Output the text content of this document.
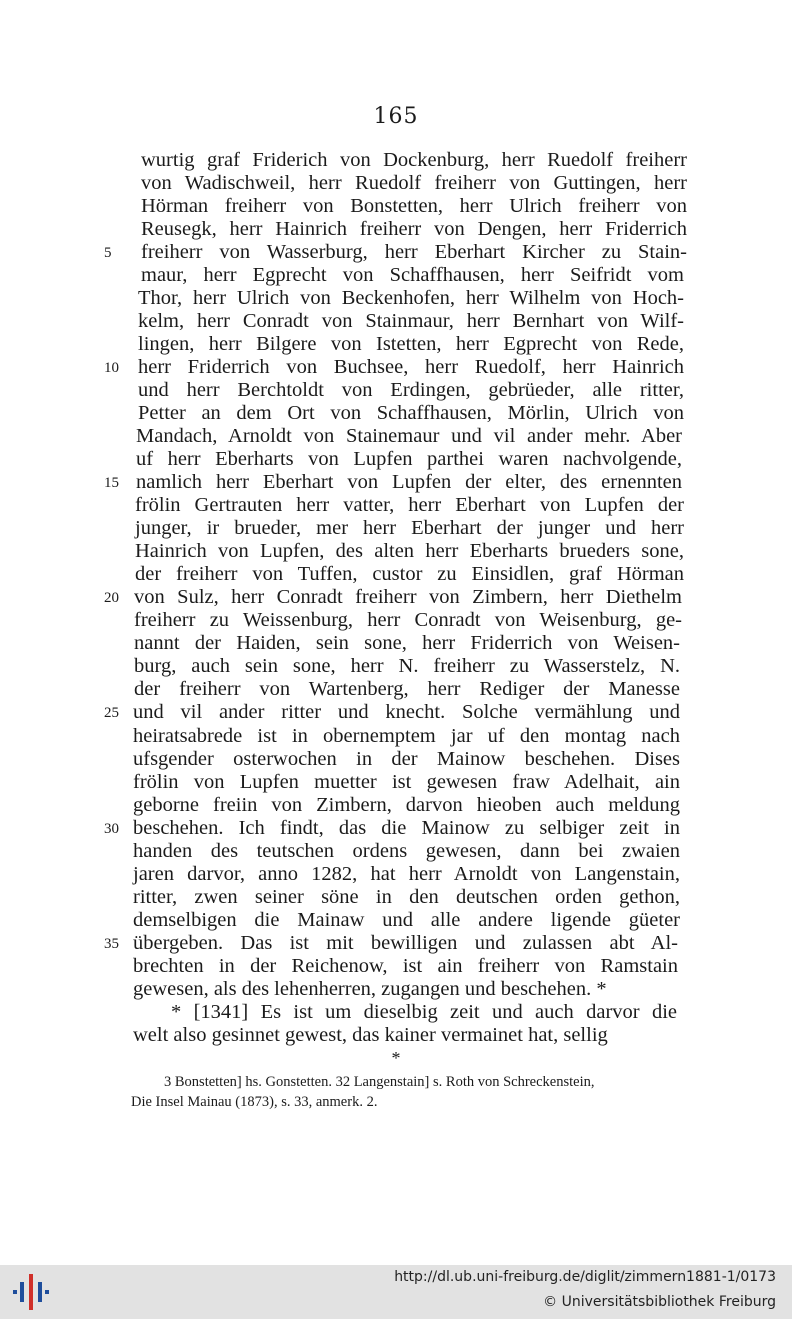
165
wurtig graf Friderich von Dockenburg, herr Ruedolf freiherr
von Wadischweil, herr Ruedolf freiherr von Guttingen, herr
Hörman freiherr von Bonstetten, herr Ulrich freiherr von
Reusegk, herr Hainrich freiherr von Dengen, herr Friderrich
freiherr von Wasserburg, herr Eberhart Kircher zu Stain-
maur, herr Egprecht von Schaffhausen, herr Seifridt vom
Thor, herr Ulrich von Beckenhofen, herr Wilhelm von Hoch-
kelm, herr Conradt von Stainmaur, herr Bernhart von Wilf-
lingen, herr Bilgere von Istetten, herr Egprecht von Rede,
herr Friderrich von Buchsee, herr Ruedolf, herr Hainrich
und herr Berchtoldt von Erdingen, gebrüeder, alle ritter,
Petter an dem Ort von Schaffhausen, Mörlin, Ulrich von
Mandach, Arnoldt von Stainemaur und vil ander mehr. Aber
uf herr Eberharts von Lupfen parthei waren nachvolgende,
namlich herr Eberhart von Lupfen der elter, des ernennten
frölin Gertrauten herr vatter, herr Eberhart von Lupfen der
junger, ir brueder, mer herr Eberhart der junger und herr
Hainrich von Lupfen, des alten herr Eberharts brueders sone,
der freiherr von Tuffen, custor zu Einsidlen, graf Hörman
von Sulz, herr Conradt freiherr von Zimbern, herr Diethelm
freiherr zu Weissenburg, herr Conradt von Weisenburg, ge-
nannt der Haiden, sein sone, herr Friderrich von Weisen-
burg, auch sein sone, herr N. freiherr zu Wasserstelz, N.
der freiherr von Wartenberg, herr Rediger der Manesse
und vil ander ritter und knecht. Solche vermählung und
heiratsabrede ist in obernemptem jar uf den montag nach
ufsgender osterwochen in der Mainow beschehen. Dises
frölin von Lupfen muetter ist gewesen fraw Adelhait, ain
geborne freiin von Zimbern, darvon hieoben auch meldung
beschehen. Ich findt, das die Mainow zu selbiger zeit in
handen des teutschen ordens gewesen, dann bei zwaien
jaren darvor, anno 1282, hat herr Arnoldt von Langenstain,
ritter, zwen seiner söne in den deutschen orden gethon,
demselbigen die Mainaw und alle andere ligende güeter
übergeben. Das ist mit bewilligen und zulassen abt Al-
brechten in der Reichenow, ist ain freiherr von Ramstain
gewesen, als des lehenherren, zugangen und beschehen. *
* [1341] Es ist um dieselbig zeit und auch darvor die
welt also gesinnet gewest, das kainer vermainet hat, sellig
5
10
15
20
25
30
35
*
3 Bonstetten] hs. Gonstetten. 32 Langenstain] s. Roth von Schreckenstein,
Die Insel Mainau (1873), s. 33, anmerk. 2.
http://dl.ub.uni-freiburg.de/diglit/zimmern1881-1/0173
© Universitätsbibliothek Freiburg
